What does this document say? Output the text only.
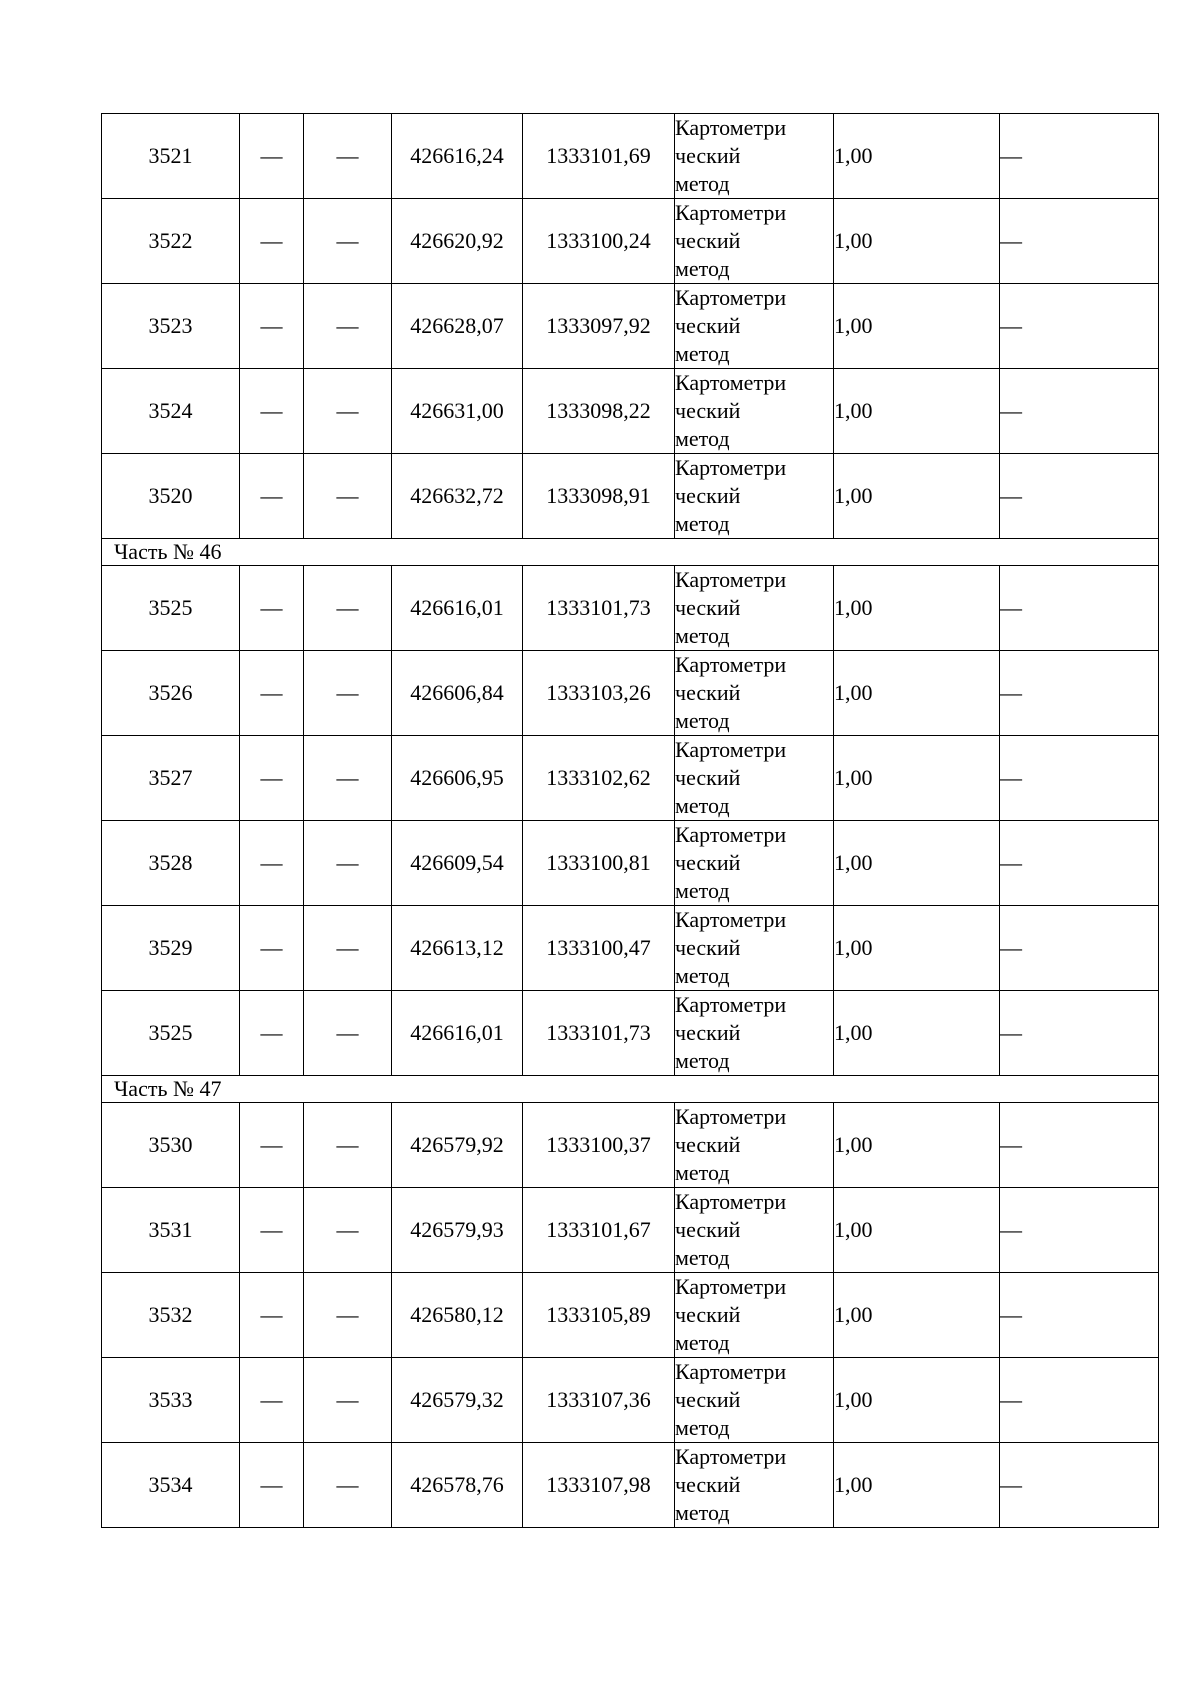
3521	—	—	426616,24	1333101,69	Картометри
ческий
метод	1,00	—
3522	—	—	426620,92	1333100,24	Картометри
ческий
метод	1,00	—
3523	—	—	426628,07	1333097,92	Картометри
ческий
метод	1,00	—
3524	—	—	426631,00	1333098,22	Картометри
ческий
метод	1,00	—
3520	—	—	426632,72	1333098,91	Картометри
ческий
метод	1,00	—
Часть № 46							
3525	—	—	426616,01	1333101,73	Картометри
ческий
метод	1,00	—
3526	—	—	426606,84	1333103,26	Картометри
ческий
метод	1,00	—
3527	—	—	426606,95	1333102,62	Картометри
ческий
метод	1,00	—
3528	—	—	426609,54	1333100,81	Картометри
ческий
метод	1,00	—
3529	—	—	426613,12	1333100,47	Картометри
ческий
метод	1,00	—
3525	—	—	426616,01	1333101,73	Картометри
ческий
метод	1,00	—
Часть № 47							
3530	—	—	426579,92	1333100,37	Картометри
ческий
метод	1,00	—
3531	—	—	426579,93	1333101,67	Картометри
ческий
метод	1,00	—
3532	—	—	426580,12	1333105,89	Картометри
ческий
метод	1,00	—
3533	—	—	426579,32	1333107,36	Картометри
ческий
метод	1,00	—
3534	—	—	426578,76	1333107,98	Картометри
ческий
метод	1,00	—
